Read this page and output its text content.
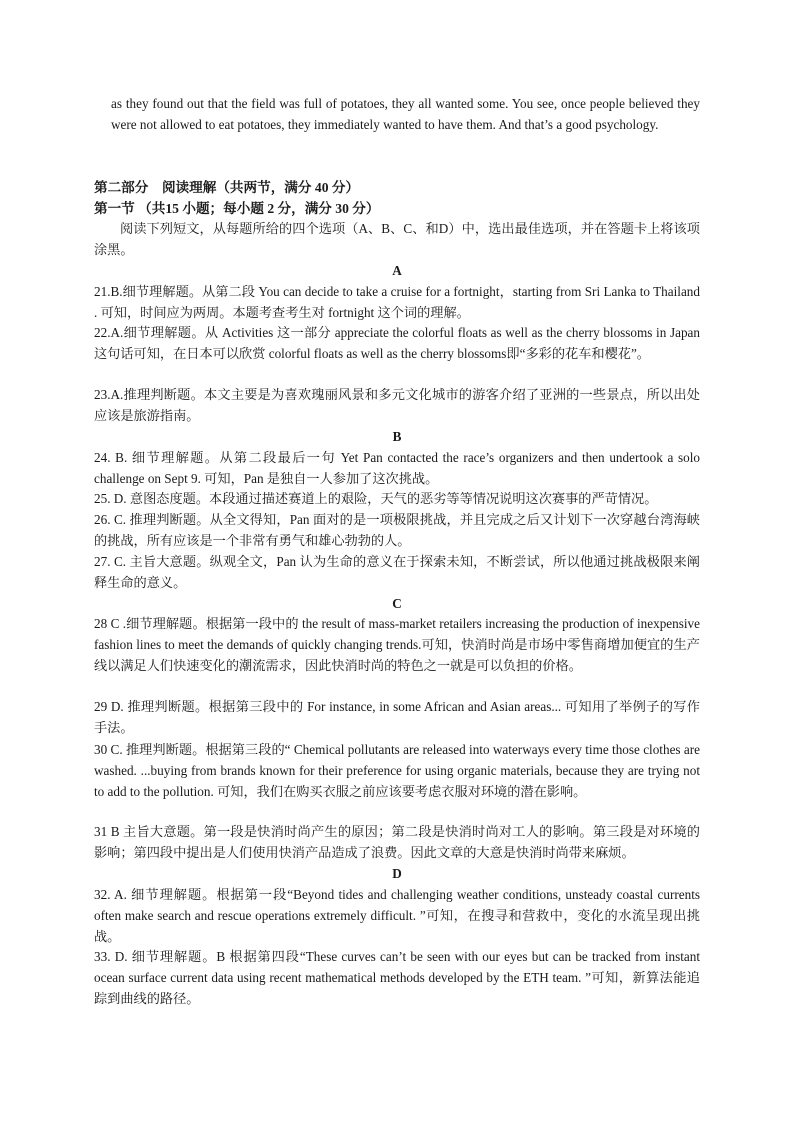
as they found out that the field was full of potatoes, they all wanted some. You see, once people believed they were not allowed to eat potatoes, they immediately wanted to have them. And that’s a good psychology.

第二部分　阅读理解（共两节，满分 40 分）

第一节 （共15 小题；每小题 2 分，满分 30 分）

阅读下列短文，从每题所给的四个选项（A、B、C、和D）中，选出最佳选项，并在答题卡上将该项涂黑。

A

21.B.细节理解题。从第二段 You can decide to take a cruise for a fortnight，starting from Sri Lanka to Thailand . 可知，时间应为两周。本题考查考生对 fortnight 这个词的理解。

22.A.细节理解题。从 Activities 这一部分 appreciate the colorful floats as well as the cherry blossoms in Japan 这句话可知，在日本可以欣赏 colorful floats as well as the cherry blossoms即“多彩的花车和樱花”。

23.A.推理判断题。本文主要是为喜欢瑰丽风景和多元文化城市的游客介绍了亚洲的一些景点，所以出处应该是旅游指南。

B

24. B. 细节理解题。从第二段最后一句 Yet Pan contacted the race’s organizers and then undertook a solo challenge on Sept 9. 可知，Pan 是独自一人参加了这次挑战。

25. D. 意图态度题。本段通过描述赛道上的艰险，天气的恶劣等等情况说明这次赛事的严苛情况。

26. C. 推理判断题。从全文得知，Pan 面对的是一项极限挑战，并且完成之后又计划下一次穿越台湾海峡的挑战，所有应该是一个非常有勇气和雄心勃勃的人。

27. C. 主旨大意题。纵观全文，Pan 认为生命的意义在于探索未知，不断尝试，所以他通过挑战极限来阐释生命的意义。

C

28 C .细节理解题。根据第一段中的 the result of mass-market retailers increasing the production of inexpensive fashion lines to meet the demands of quickly changing trends.可知，快消时尚是市场中零售商增加便宜的生产线以满足人们快速变化的潮流需求，因此快消时尚的特色之一就是可以负担的价格。

29 D. 推理判断题。根据第三段中的 For instance, in some African and Asian areas... 可知用了举例子的写作手法。

30 C. 推理判断题。根据第三段的“ Chemical pollutants are released into waterways every time those clothes are washed. ...buying from brands known for their preference for using organic materials, because they are trying not to add to the pollution. 可知，我们在购买衣服之前应该要考虑衣服对环境的潜在影响。

31 B 主旨大意题。第一段是快消时尚产生的原因；第二段是快消时尚对工人的影响。第三段是对环境的影响；第四段中提出是人们使用快消产品造成了浪费。因此文章的大意是快消时尚带来麻烦。

D

32. A. 细节理解题。根据第一段“Beyond tides and challenging weather conditions, unsteady coastal currents often make search and rescue operations extremely difficult. ”可知，在搜寻和营救中，变化的水流呈现出挑战。

33. D. 细节理解题。B 根据第四段“These curves can’t be seen with our eyes but can be tracked from instant ocean surface current data using recent mathematical methods developed by the ETH team. ”可知，新算法能追踪到曲线的路径。
